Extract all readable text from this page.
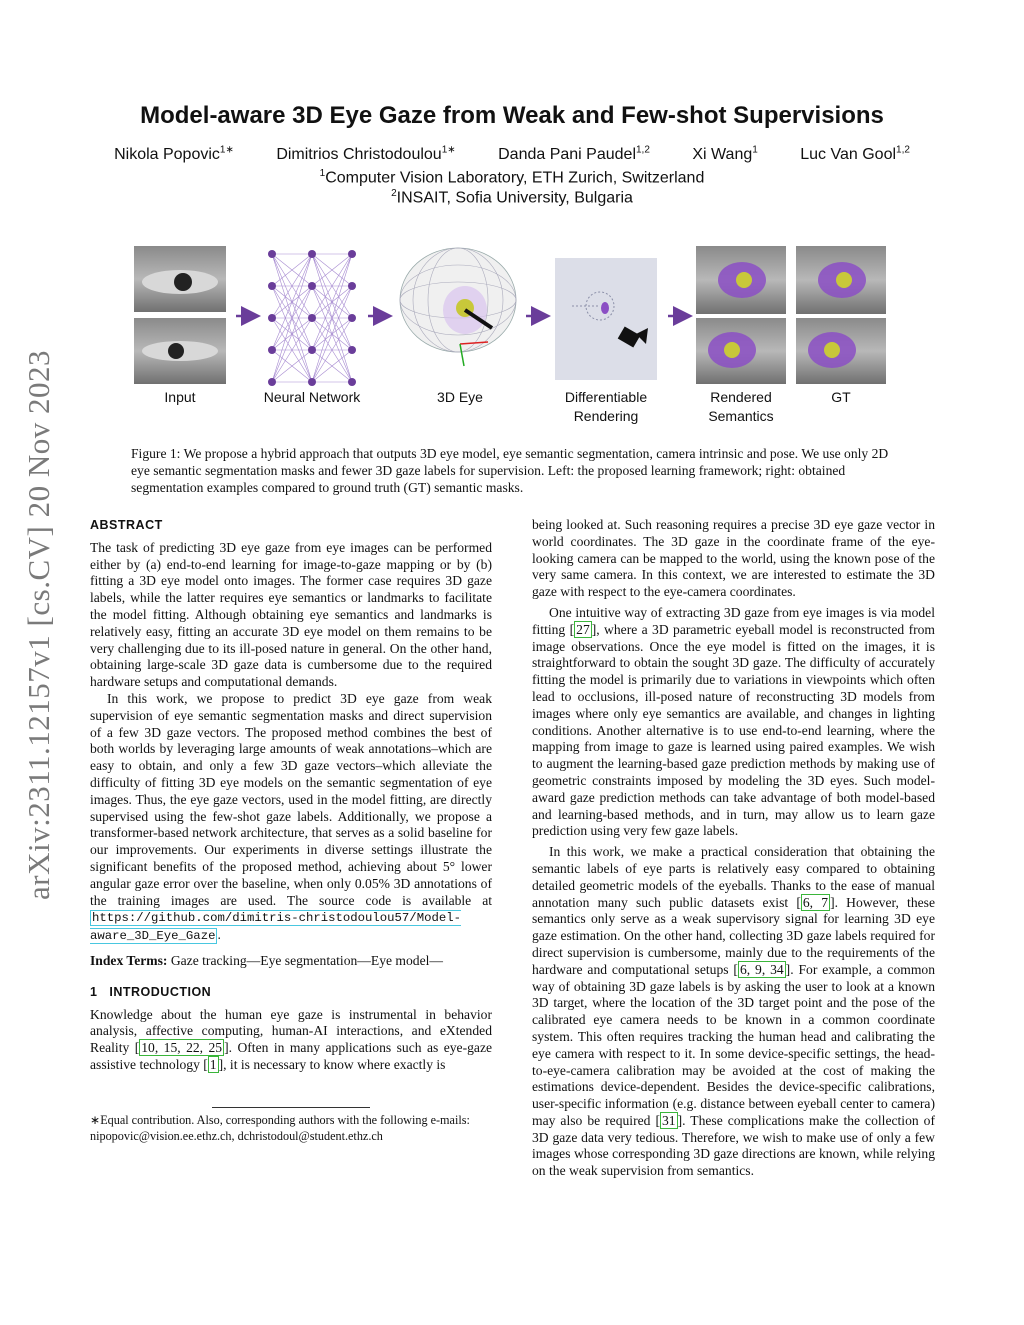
arXiv:2311.12157v1 [cs.CV] 20 Nov 2023
Model-aware 3D Eye Gaze from Weak and Few-shot Supervisions
Nikola Popovic$^{1∗}$	Dimitrios Christodoulou$^{1∗}$	Danda Pani Paudel$^{1,2}$	Xi Wang$^1$	Luc Van Gool$^{1,2}$
$^1$Computer Vision Laboratory, ETH Zurich, Switzerland
$^2$INSAIT, Sofia University, Bulgaria
Input	Neural Network	3D Eye	Differentiable
Rendering
Rendered
Semantics
GT
Figure 1: We propose a hybrid approach that outputs 3D eye model, eye semantic segmentation, camera intrinsic and pose. We use only 2D eye semantic segmentation masks and fewer 3D gaze labels for supervision. Left: the proposed learning framework; right: obtained segmentation examples compared to ground truth (GT) semantic masks.
ABSTRACT

The task of predicting 3D eye gaze from eye images can be performed either by (a) end-to-end learning for image-to-gaze mapping or by (b) fitting a 3D eye model onto images. The former case requires 3D gaze labels, while the latter requires eye semantics or landmarks to facilitate the model fitting. Although obtaining eye semantics and landmarks is relatively easy, fitting an accurate 3D eye model on them remains to be very challenging due to its ill-posed nature in general. On the other hand, obtaining large-scale 3D gaze data is cumbersome due to the required hardware setups and computational demands.

In this work, we propose to predict 3D eye gaze from weak supervision of eye semantic segmentation masks and direct supervision of a few 3D gaze vectors. The proposed method combines the best of both worlds by leveraging large amounts of weak annotations–which are easy to obtain, and only a few 3D gaze vectors–which alleviate the difficulty of fitting 3D eye models on the semantic segmentation of eye images. Thus, the eye gaze vectors, used in the model fitting, are directly supervised using the few-shot gaze labels. Additionally, we propose a transformer-based network architecture, that serves as a solid baseline for our improvements. Our experiments in diverse settings illustrate the significant benefits of the proposed method, achieving about 5° lower angular gaze error over the baseline, when only 0.05% 3D annotations of the training images are used. The source code is available at https://github.com/dimitris-christodoulou57/Model-aware_3D_Eye_Gaze .

Index Terms: Gaze tracking—Eye segmentation—Eye model—

1 INTRODUCTION

Knowledge about the human eye gaze is instrumental in behavior analysis, affective computing, human-AI interactions, and eXtended Reality [ 10, 15, 22, 25 ]. Often in many applications such as eye-gaze assistive technology [ 1 ], it is necessary to know where exactly is

∗Equal contribution. Also, corresponding authors with the following e-mails: nipopovic@vision.ee.ethz.ch, dchristodoul@student.ethz.ch

being looked at. Such reasoning requires a precise 3D eye gaze vector in world coordinates. The 3D gaze in the coordinate frame of the eye-looking camera can be mapped to the world, using the known pose of the very same camera. In this context, we are interested to estimate the 3D gaze with respect to the eye-camera coordinates.

One intuitive way of extracting 3D gaze from eye images is via model fitting [ 27 ], where a 3D parametric eyeball model is reconstructed from image observations. Once the eye model is fitted on the images, it is straightforward to obtain the sought 3D gaze. The difficulty of accurately fitting the model is primarily due to variations in viewpoints which often lead to occlusions, ill-posed nature of reconstructing 3D models from images where only eye semantics are available, and changes in lighting conditions. Another alternative is to use end-to-end learning, where the mapping from image to gaze is learned using paired examples. We wish to augment the learning-based gaze prediction methods by making use of geometric constraints imposed by modeling the 3D eyes. Such model-award gaze prediction methods can take advantage of both model-based and learning-based methods, and in turn, may allow us to learn gaze prediction using very few gaze labels.

In this work, we make a practical consideration that obtaining the semantic labels of eye parts is relatively easy compared to obtaining detailed geometric models of the eyeballs. Thanks to the ease of manual annotation many such public datasets exist [ 6, 7 ]. However, these semantics only serve as a weak supervisory signal for learning 3D eye gaze estimation. On the other hand, collecting 3D gaze labels required for direct supervision is cumbersome, mainly due to the requirements of the hardware and computational setups [ 6, 9, 34 ]. For example, a common way of obtaining 3D gaze labels is by asking the user to look at a known 3D target, where the location of the 3D target point and the pose of the calibrated eye camera needs to be known in a common coordinate system. This often requires tracking the human head and calibrating the eye camera with respect to it. In some device-specific settings, the head-to-eye-camera calibration may be avoided at the cost of making the estimations device-dependent. Besides the device-specific calibrations, user-specific information (e.g. distance between eyeball center to camera) may also be required [ 31 ]. These complications make the collection of 3D gaze data very tedious. Therefore, we wish to make use of only a few images whose corresponding 3D gaze directions are known, while relying on the weak supervision from semantics.
